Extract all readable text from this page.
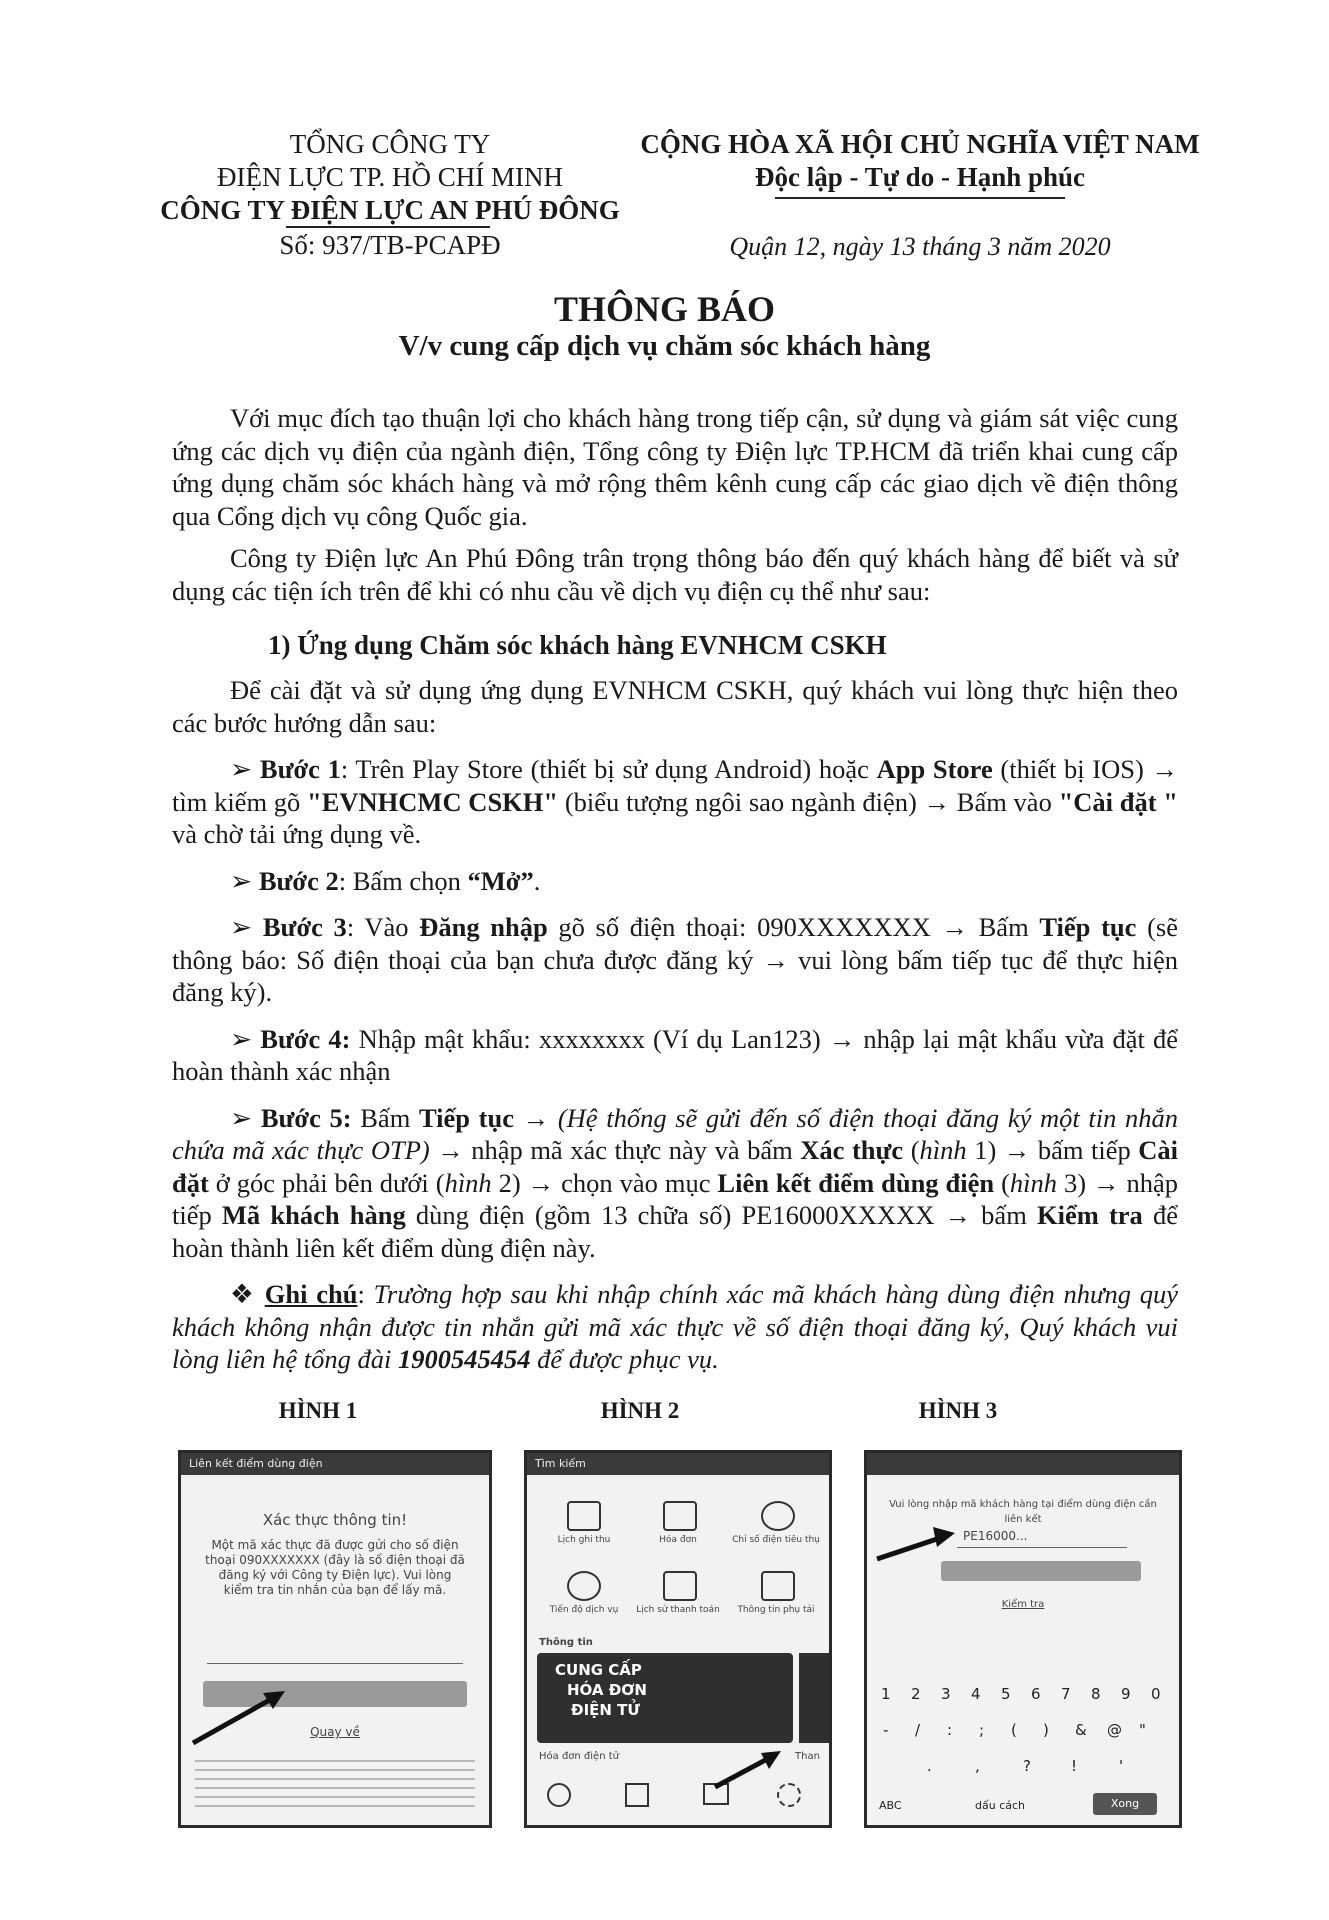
TỔNG CÔNG TY
ĐIỆN LỰC TP. HỒ CHÍ MINH
CÔNG TY ĐIỆN LỰC AN PHÚ ĐÔNG
Số: 937/TB-PCAPĐ
CỘNG HÒA XÃ HỘI CHỦ NGHĨA VIỆT NAM
Độc lập - Tự do - Hạnh phúc
Quận 12, ngày 13 tháng 3 năm 2020
THÔNG BÁO
V/v cung cấp dịch vụ chăm sóc khách hàng

Với mục đích tạo thuận lợi cho khách hàng trong tiếp cận, sử dụng và giám sát việc cung ứng các dịch vụ điện của ngành điện, Tổng công ty Điện lực TP.HCM đã triển khai cung cấp ứng dụng chăm sóc khách hàng và mở rộng thêm kênh cung cấp các giao dịch về điện thông qua Cổng dịch vụ công Quốc gia.

Công ty Điện lực An Phú Đông trân trọng thông báo đến quý khách hàng để biết và sử dụng các tiện ích trên để khi có nhu cầu về dịch vụ điện cụ thể như sau:

1) Ứng dụng Chăm sóc khách hàng EVNHCM CSKH

Để cài đặt và sử dụng ứng dụng EVNHCM CSKH, quý khách vui lòng thực hiện theo các bước hướng dẫn sau:

➢ Bước 1: Trên Play Store (thiết bị sử dụng Android) hoặc App Store (thiết bị IOS) → tìm kiếm gõ "EVNHCMC CSKH" (biểu tượng ngôi sao ngành điện) → Bấm vào "Cài đặt " và chờ tải ứng dụng về.

➢ Bước 2: Bấm chọn “Mở”.

➢ Bước 3: Vào Đăng nhập gõ số điện thoại: 090XXXXXXX → Bấm Tiếp tục (sẽ thông báo: Số điện thoại của bạn chưa được đăng ký → vui lòng bấm tiếp tục để thực hiện đăng ký).

➢ Bước 4: Nhập mật khẩu: xxxxxxxx (Ví dụ Lan123) → nhập lại mật khẩu vừa đặt để hoàn thành xác nhận

➢ Bước 5: Bấm Tiếp tục → (Hệ thống sẽ gửi đến số điện thoại đăng ký một tin nhắn chứa mã xác thực OTP) → nhập mã xác thực này và bấm Xác thực (hình 1) → bấm tiếp Cài đặt ở góc phải bên dưới (hình 2) → chọn vào mục Liên kết điểm dùng điện (hình 3) → nhập tiếp Mã khách hàng dùng điện (gồm 13 chữa số) PE16000XXXXX → bấm Kiểm tra để hoàn thành liên kết điểm dùng điện này.

❖ Ghi chú: Trường hợp sau khi nhập chính xác mã khách hàng dùng điện nhưng quý khách không nhận được tin nhắn gửi mã xác thực về số điện thoại đăng ký, Quý khách vui lòng liên hệ tổng đài 1900545454 để được phục vụ.

HÌNH 1	HÌNH 2	HÌNH 3
Liên kết điểm dùng điện
Xác thực thông tin!
Một mã xác thực đã được gửi cho số điện thoại 090XXXXXXX (đây là số điện thoại đã đăng ký với Công ty Điện lực). Vui lòng kiểm tra tin nhắn của bạn để lấy mã.
Quay về
Tìm kiếm
Lịch ghi thu	Hóa đơn	Chỉ số điện tiêu thụ
Tiến độ dịch vụ	Lịch sử thanh toán	Thông tin phụ tải
Thông tin
CUNG CẤP
HÓA ĐƠN
ĐIỆN TỬ
Hóa đơn điện tử	Than
Vui lòng nhập mã khách hàng tại điểm dùng điện cần liên kết
PE16000...
Kiểm tra
1 2 3 4 5 6 7 8 9 0
- / : ; ( ) & @ "
.	,	?	!	'
ABC	dấu cách	Xong
